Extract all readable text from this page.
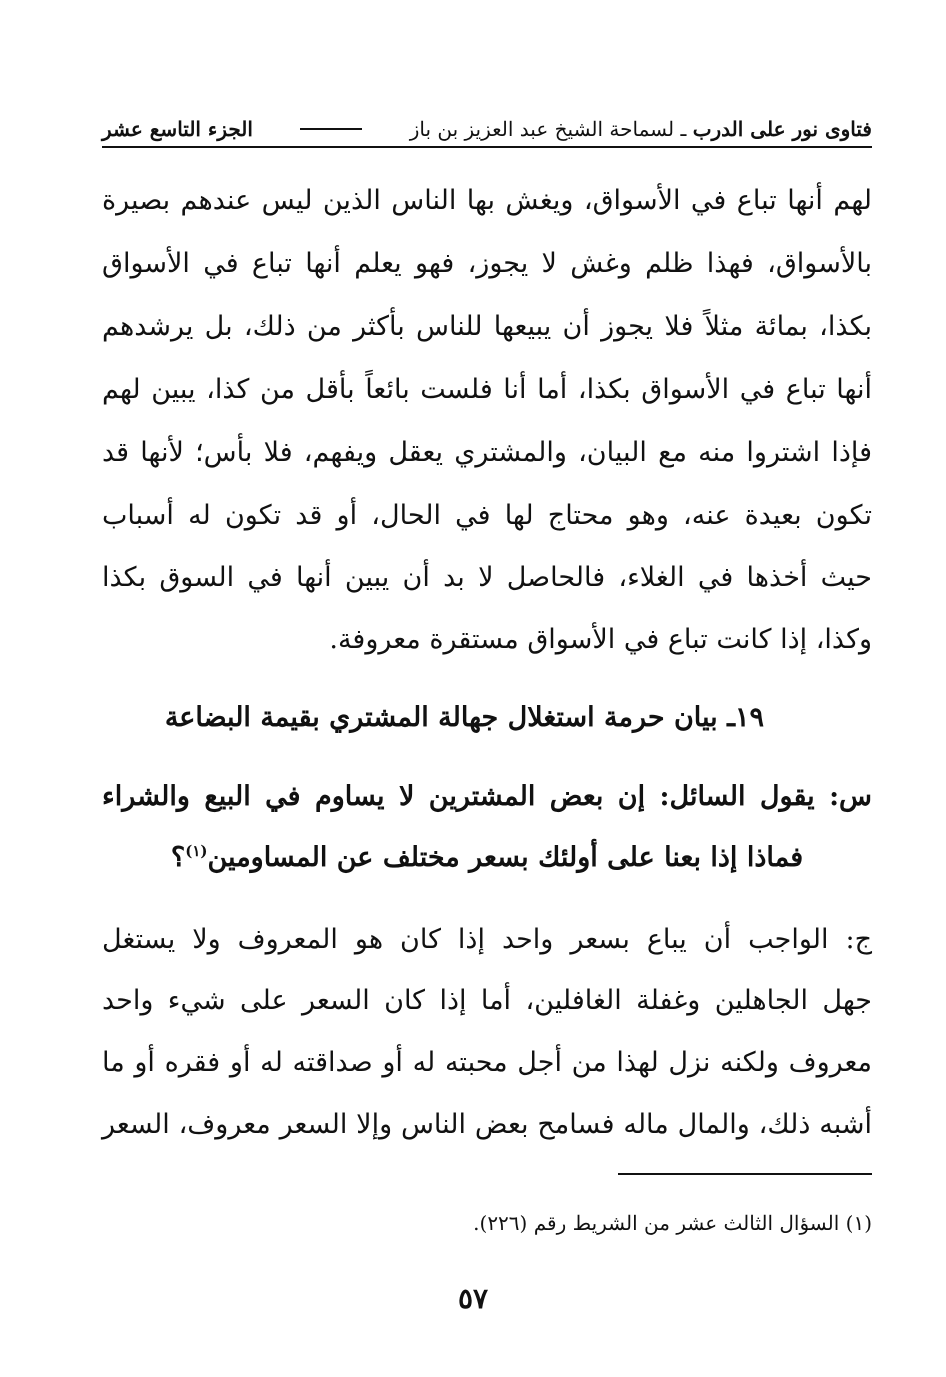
فتاوى نور على الدرب ـ لسماحة الشيخ عبد العزيز بن باز
الجزء التاسع عشر
لهم أنها تباع في الأسواق، ويغش بها الناس الذين ليس عندهم بصيرة
بالأسواق، فهذا ظلم وغش لا يجوز، فهو يعلم أنها تباع في الأسواق
بكذا، بمائة مثلاً فلا يجوز أن يبيعها للناس بأكثر من ذلك، بل يرشدهم
أنها تباع في الأسواق بكذا، أما أنا فلست بائعاً بأقل من كذا، يبين لهم
فإذا اشتروا منه مع البيان، والمشتري يعقل ويفهم، فلا بأس؛ لأنها قد
تكون بعيدة عنه، وهو محتاج لها في الحال، أو قد تكون له أسباب
حيث أخذها في الغلاء، فالحاصل لا بد أن يبين أنها في السوق بكذا
وكذا، إذا كانت تباع في الأسواق مستقرة معروفة.
١٩ـ بيان حرمة استغلال جهالة المشتري بقيمة البضاعة
س: يقول السائل: إن بعض المشترين لا يساوم في البيع والشراء
فماذا إذا بعنا على أولئك بسعر مختلف عن المساومين$^{(١)}$؟
ج: الواجب أن يباع بسعر واحد إذا كان هو المعروف ولا يستغل
جهل الجاهلين وغفلة الغافلين، أما إذا كان السعر على شيء واحد
معروف ولكنه نزل لهذا من أجل محبته له أو صداقته له أو فقره أو ما
أشبه ذلك، والمال ماله فسامح بعض الناس وإلا السعر معروف، السعر
(١) السؤال الثالث عشر من الشريط رقم (٢٢٦).
٥٧
